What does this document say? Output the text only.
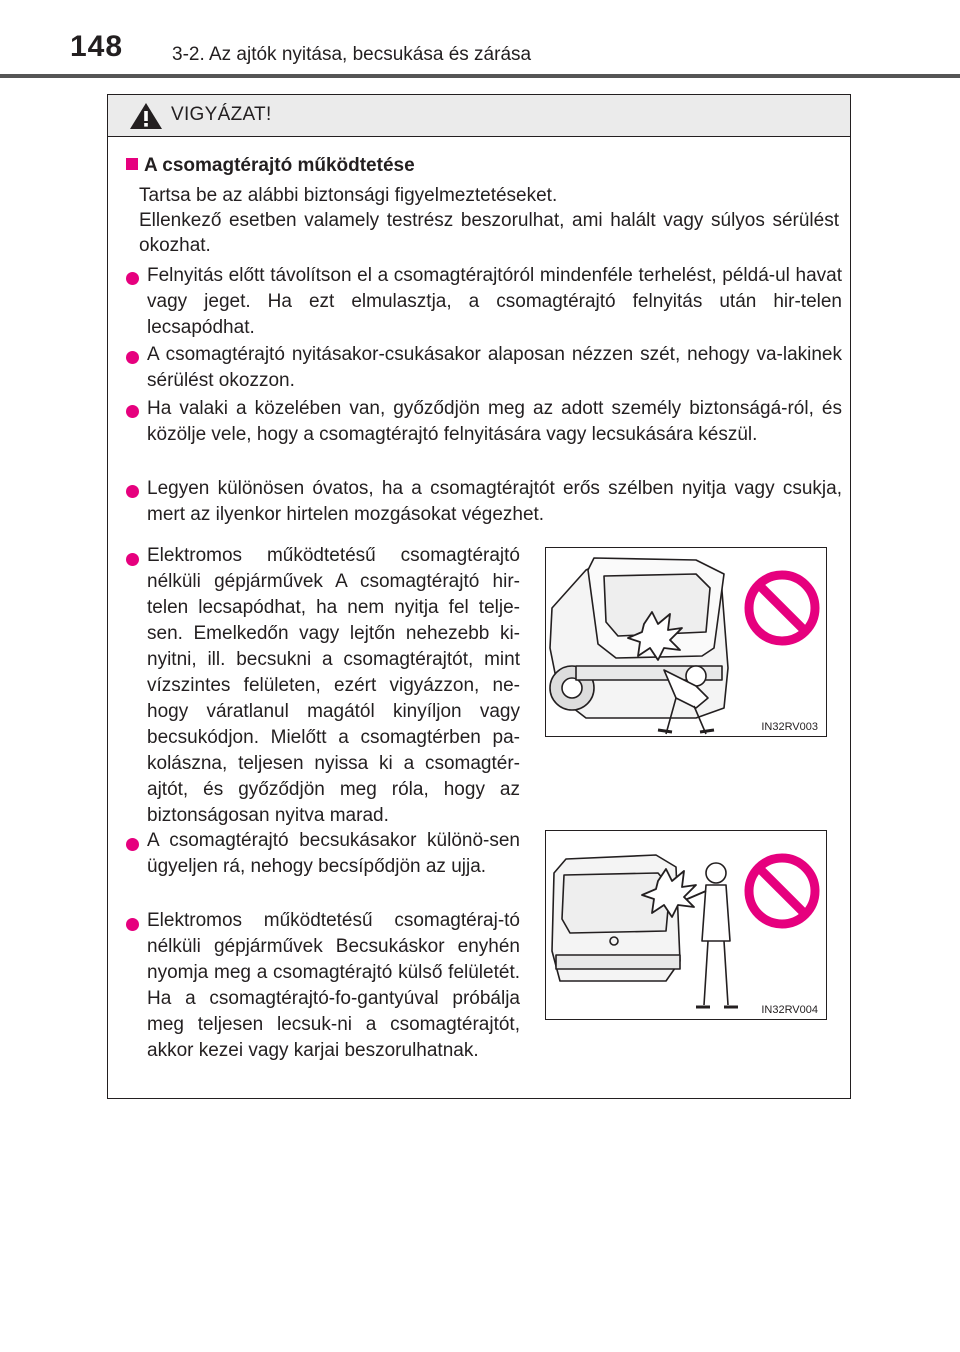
148	3-2. Az ajtók nyitása, becsukása és zárása
VIGYÁZAT!
A csomagtérajtó működtetése
Tartsa be az alábbi biztonsági figyelmeztetéseket.
Ellenkező esetben valamely testrész beszorulhat, ami halált vagy súlyos sérülést okozhat.
Felnyitás előtt távolítson el a csomagtérajtóról mindenféle terhelést, példá-ul havat vagy jeget. Ha ezt elmulasztja, a csomagtérajtó felnyitás után hir-telen lecsapódhat.
A csomagtérajtó nyitásakor-csukásakor alaposan nézzen szét, nehogy va-lakinek sérülést okozzon.
Ha valaki a közelében van, győződjön meg az adott személy biztonságá-ról, és közölje vele, hogy a csomagtérajtó felnyitására vagy lecsukására készül.
Legyen különösen óvatos, ha a csomagtérajtót erős szélben nyitja vagy csukja, mert az ilyenkor hirtelen mozgásokat végezhet.
Elektromos működtetésű csomagtérajtó nélküli gépjárművek A csomagtérajtó hir-telen lecsapódhat, ha nem nyitja fel telje-sen. Emelkedőn vagy lejtőn nehezebb ki-nyitni, ill. becsukni a csomagtérajtót, mint vízszintes felületen, ezért vigyázzon, ne-hogy váratlanul magától kinyíljon vagy becsukódjon. Mielőtt a csomagtérben pa-kolászna, teljesen nyissa ki a csomagtér-ajtót, és győződjön meg róla, hogy az biztonságosan nyitva marad.
A csomagtérajtó becsukásakor különö-sen ügyeljen rá, nehogy becsípődjön az ujja.
Elektromos működtetésű csomagtéraj-tó nélküli gépjárművek Becsukáskor enyhén nyomja meg a csomagtérajtó külső felületét. Ha a csomagtérajtó-fo-gantyúval próbálja meg teljesen lecsuk-ni a csomagtérajtót, akkor kezei vagy karjai beszorulhatnak.
IN32RV003
IN32RV004
